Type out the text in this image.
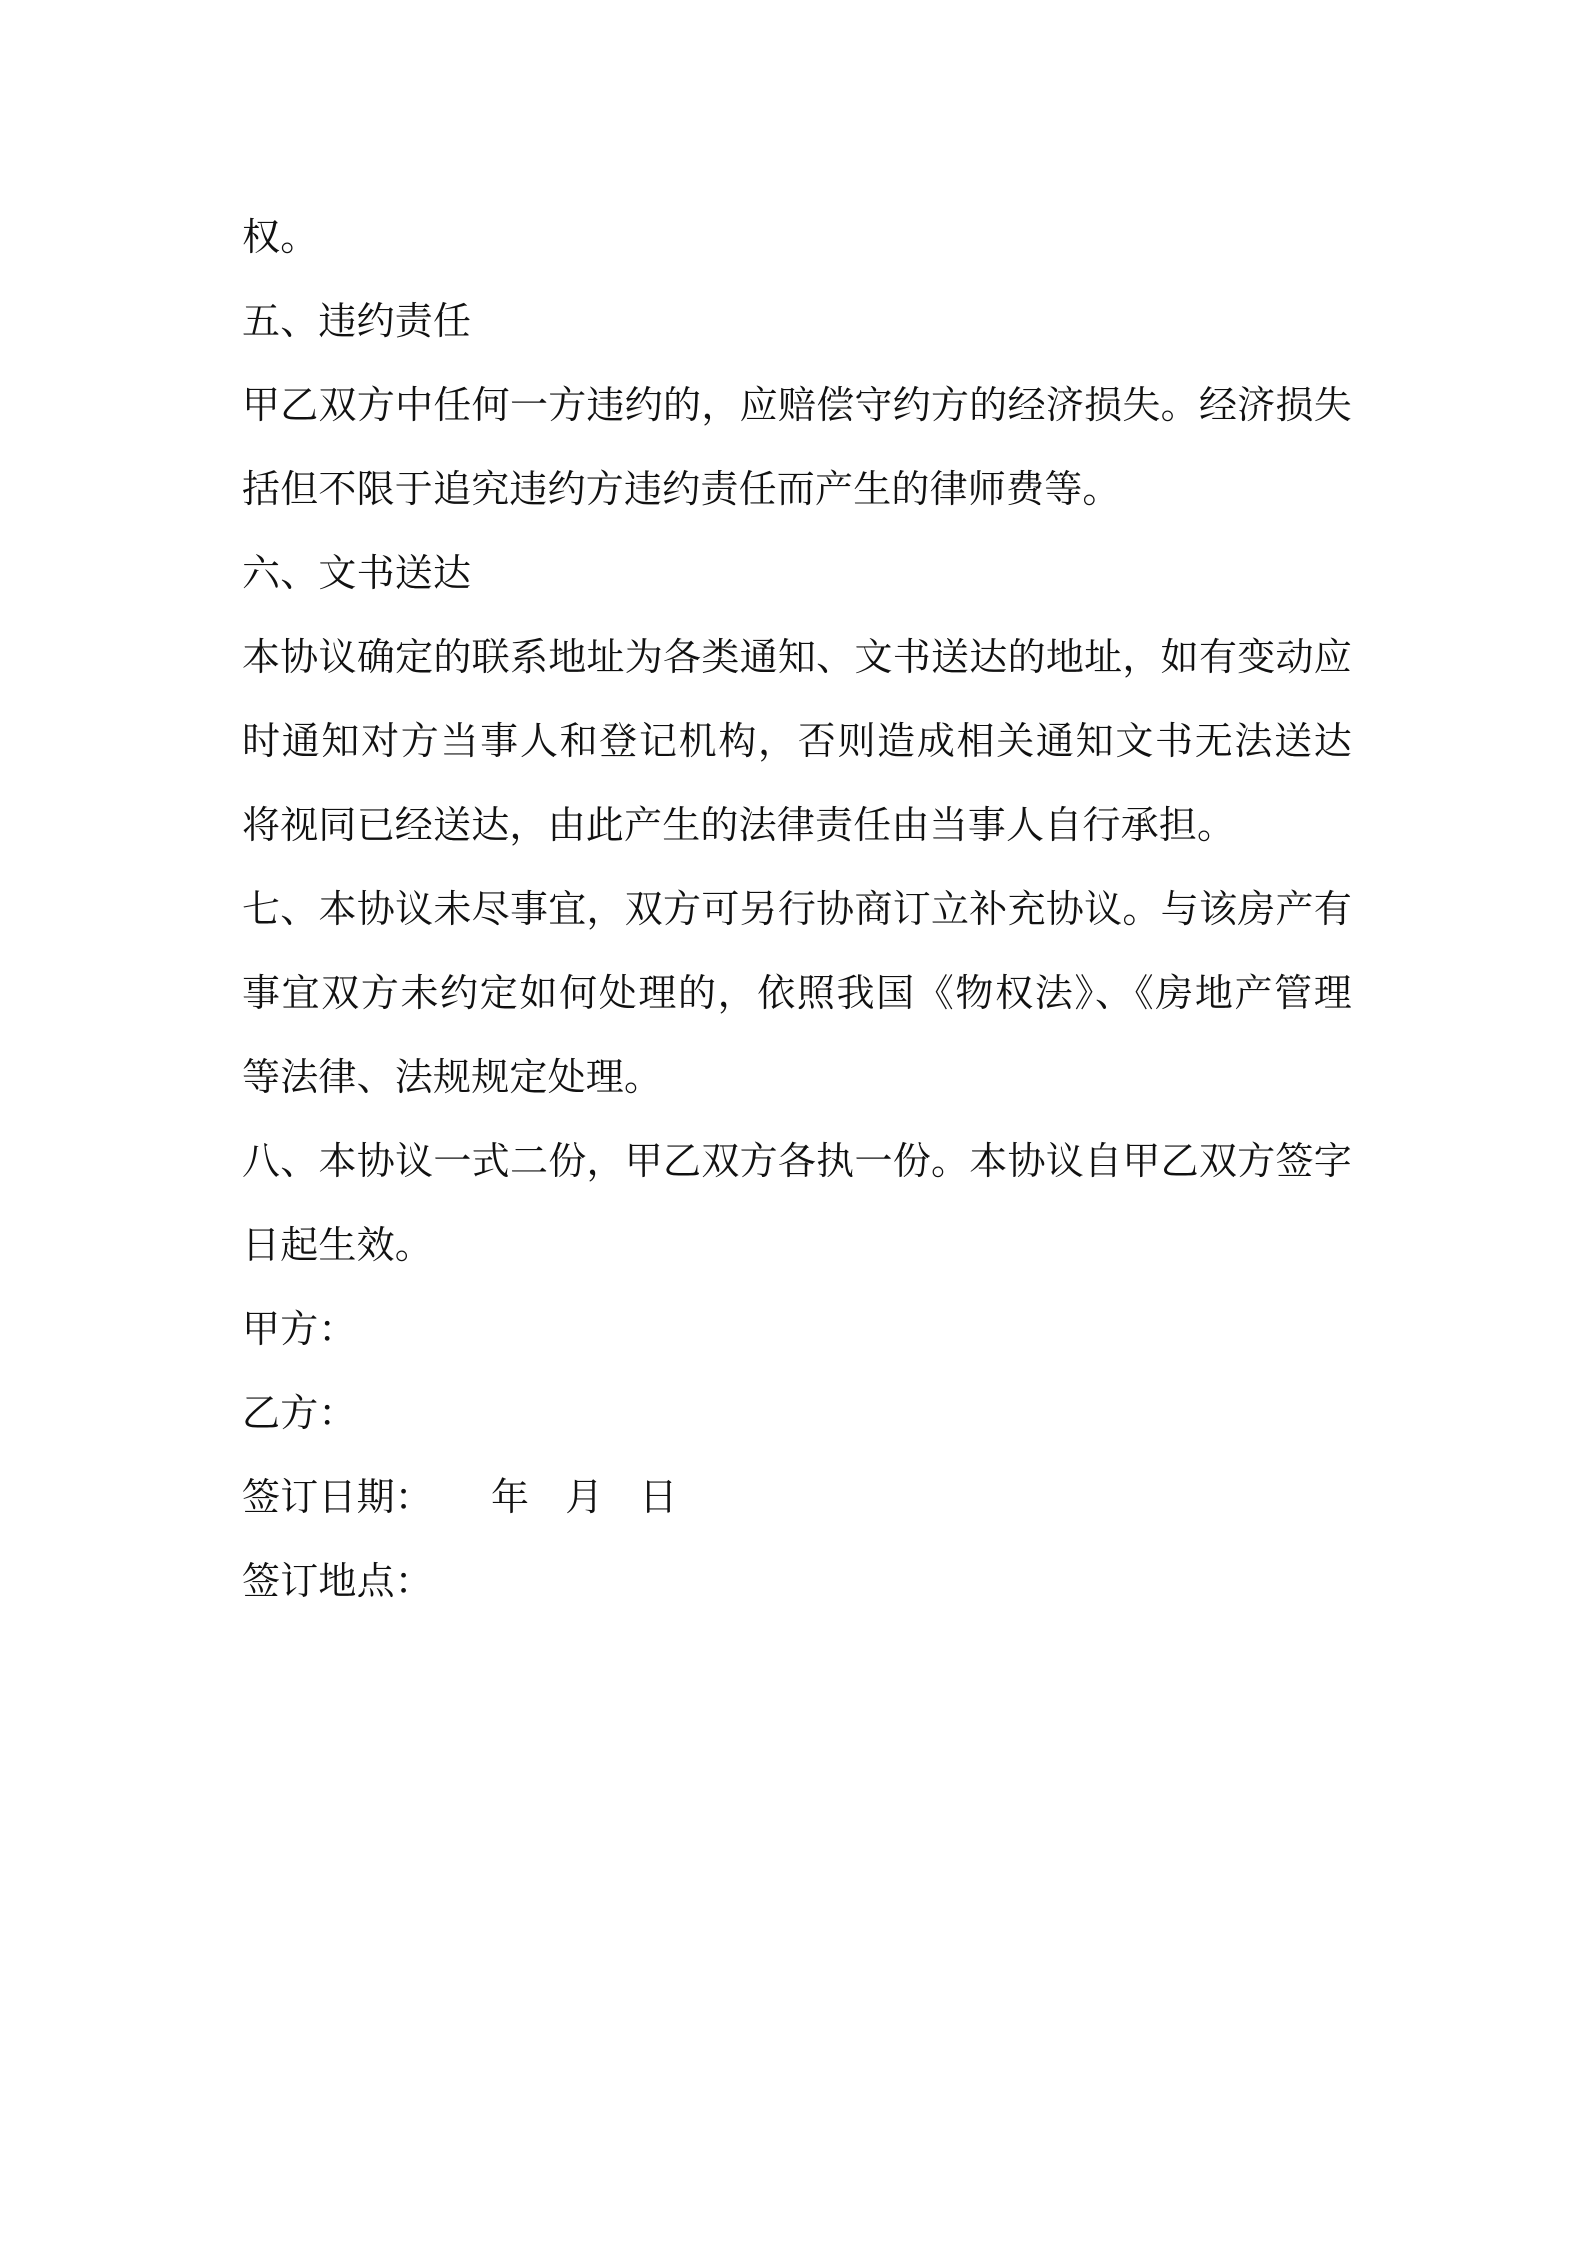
权。

五、违约责任

甲乙双方中任何一方违约的，应赔偿守约方的经济损失。经济损失

括但不限于追究违约方违约责任而产生的律师费等。

六、文书送达

本协议确定的联系地址为各类通知、文书送达的地址，如有变动应

时通知对方当事人和登记机构，否则造成相关通知文书无法送达

将视同已经送达，由此产生的法律责任由当事人自行承担。

七、本协议未尽事宜，双方可另行协商订立补充协议。与该房产有

事宜双方未约定如何处理的，依照我国《物权法》、《房地产管理

等法律、法规规定处理。

八、本协议一式二份，甲乙双方各执一份。本协议自甲乙双方签字

日起生效。

甲方：

乙方：

签订日期： 年 月 日

签订地点：
